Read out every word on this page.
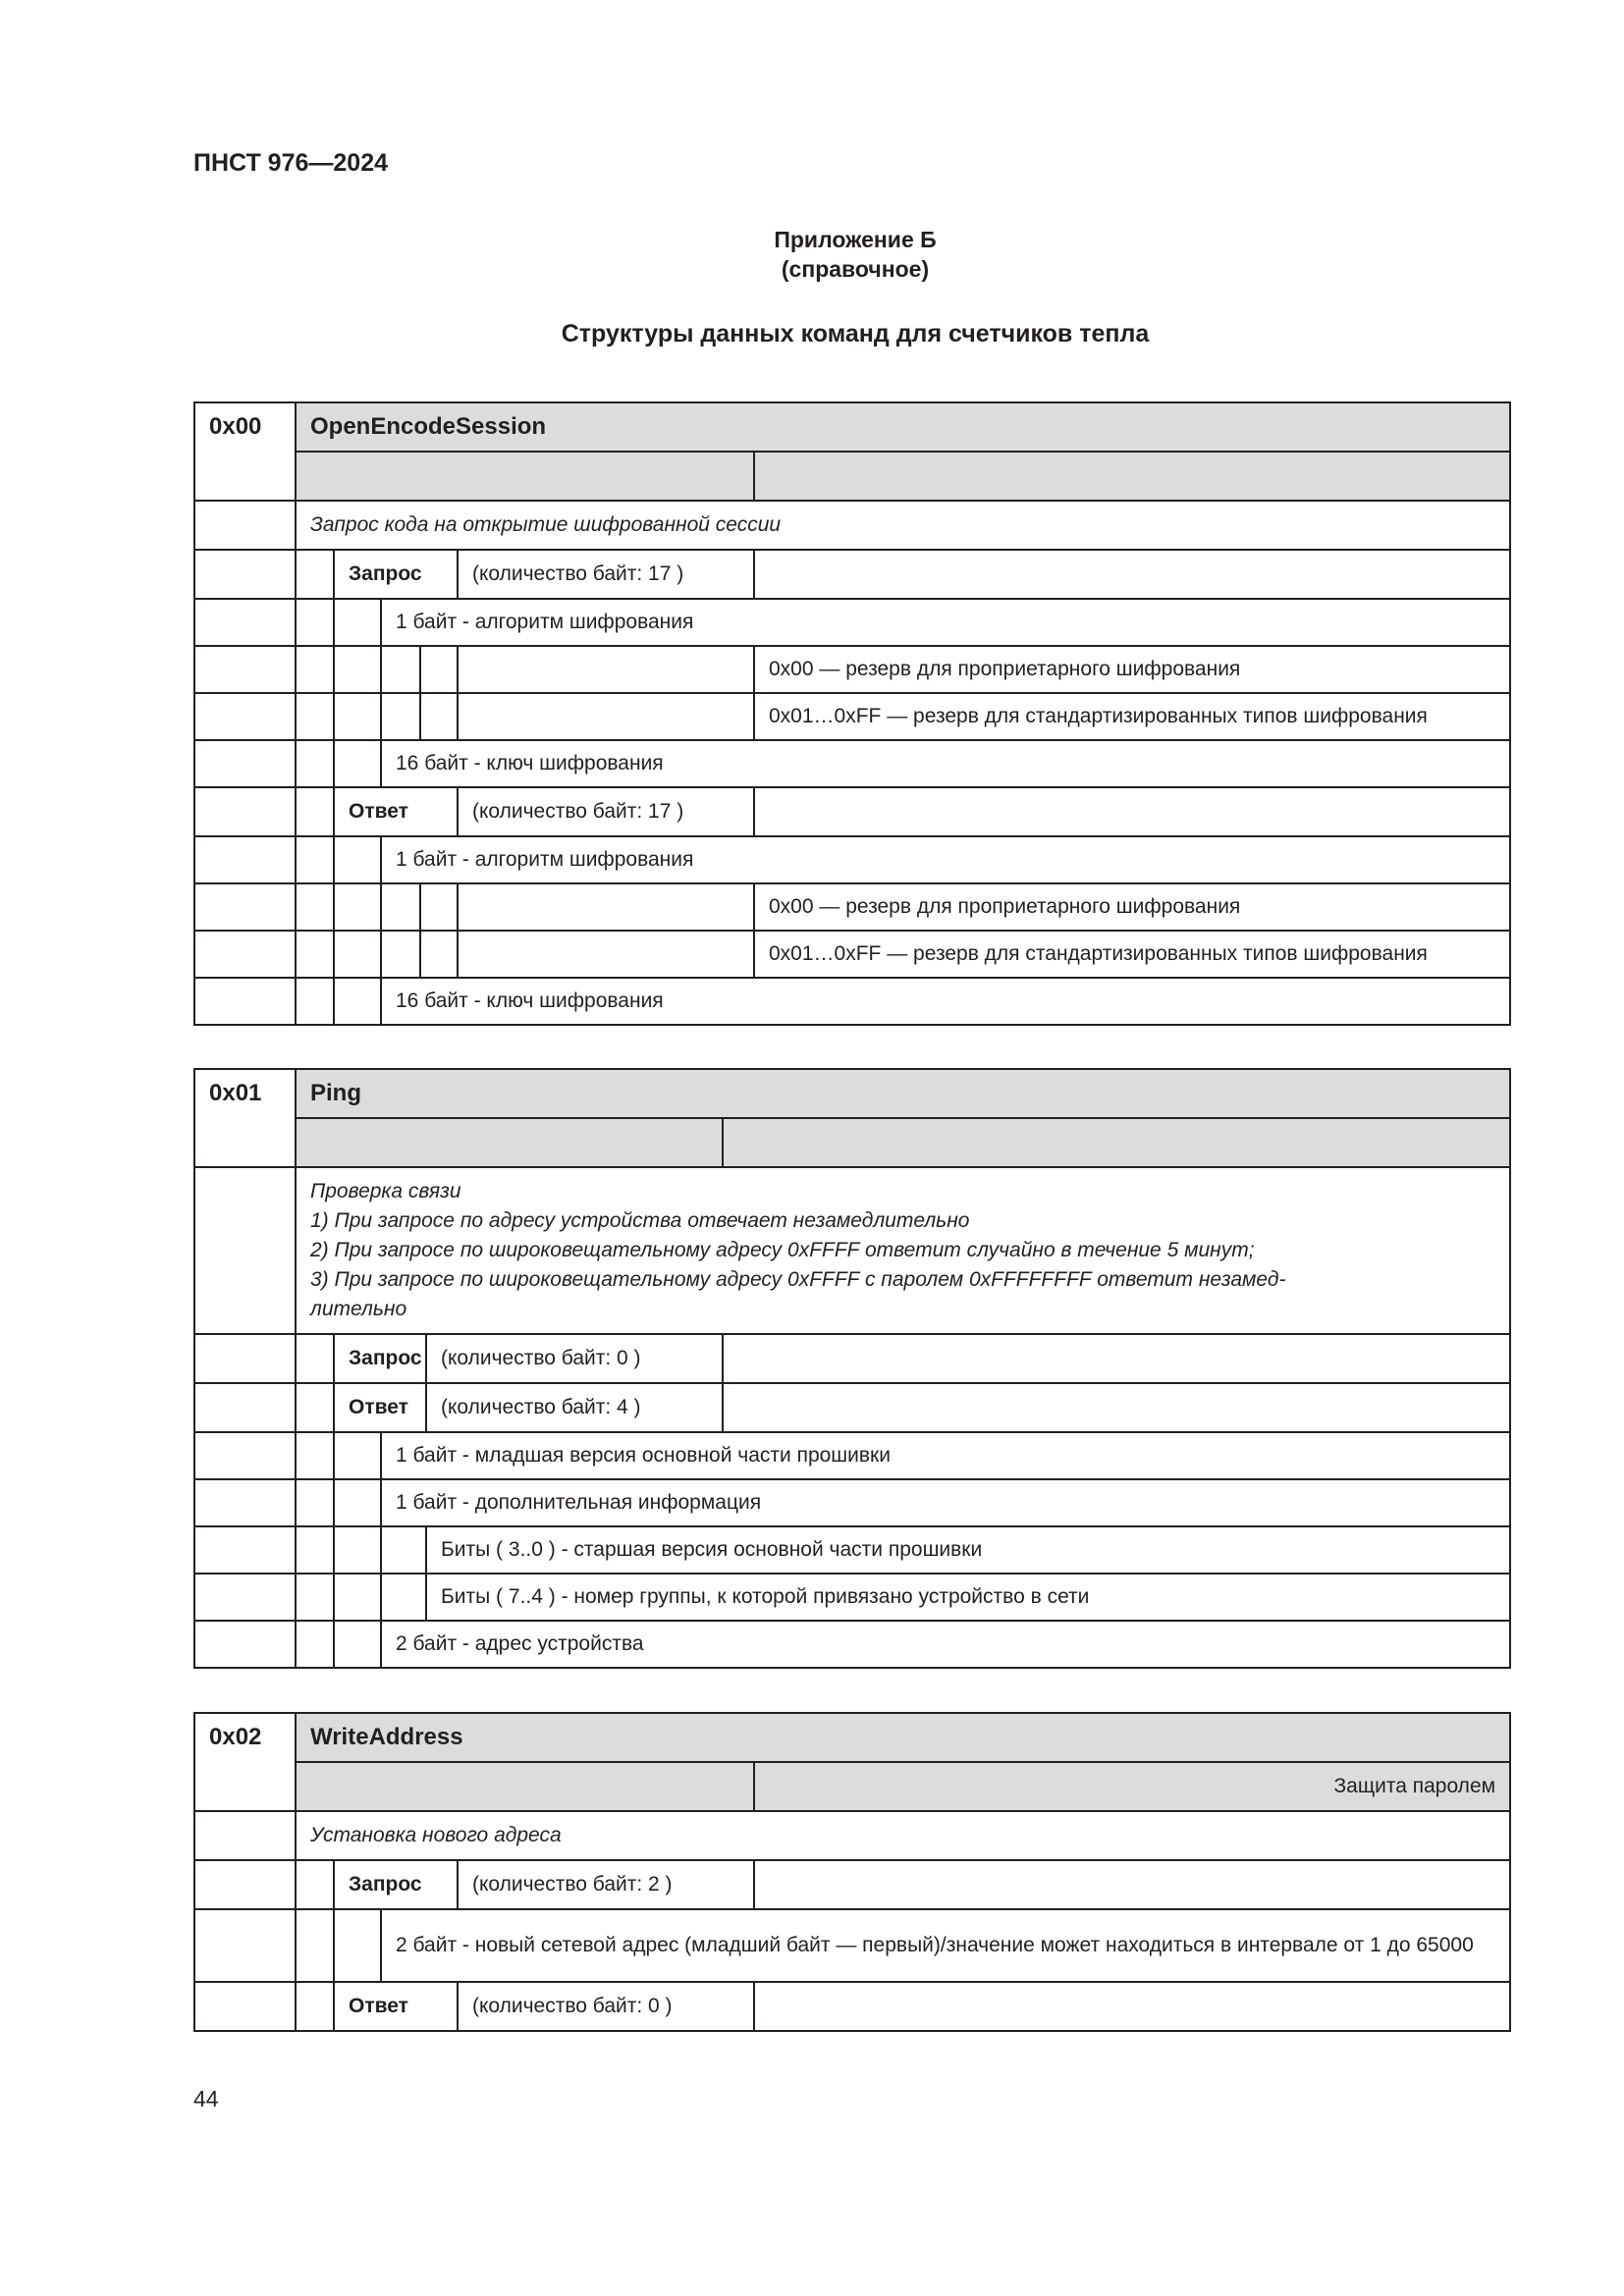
ПНСТ 976—2024
Приложение Б
(справочное)
Структуры данных команд для счетчиков тепла
0x00	OpenEncodeSession					

	Запрос кода на открытие шифрованной сессии					
		Запрос			(количество байт: 17 )	
			1 байт - алгоритм шифрования			
						0x00 — резерв для проприетарного шифрования
						0x01…0xFF — резерв для стандартизированных типов шифрования
			16 байт - ключ шифрования			
		Ответ			(количество байт: 17 )	
			1 байт - алгоритм шифрования			
						0x00 — резерв для проприетарного шифрования
						0x01…0xFF — резерв для стандартизированных типов шифрования
			16 байт - ключ шифрования			
0x01	Ping				

	Проверка связи
1) При запросе по адресу устройства отвечает незамедлительно
2) При запросе по широковещательному адресу 0xFFFF ответит случайно в течение 5 минут;
3) При запросе по широковещательному адресу 0xFFFF с паролем 0xFFFFFFFF ответит незамед-
лительно				

		Запрос		(количество байт: 0 )	
		Ответ		(количество байт: 4 )	
			1 байт - младшая версия основной части прошивки		
			1 байт - дополнительная информация		
				Биты ( 3..0 ) - старшая версия основной части прошивки	
				Биты ( 7..4 ) - номер группы, к которой привязано устройство в сети	
			2 байт - адрес устройства		
0x02	WriteAddress				
					Защита паролем
	Установка нового адреса				
		Запрос		(количество байт: 2 )	
			2 байт - новый сетевой адрес (младший байт — первый)/значение может находиться в интервале от 1 до 65000		
		Ответ		(количество байт: 0 )	
44
